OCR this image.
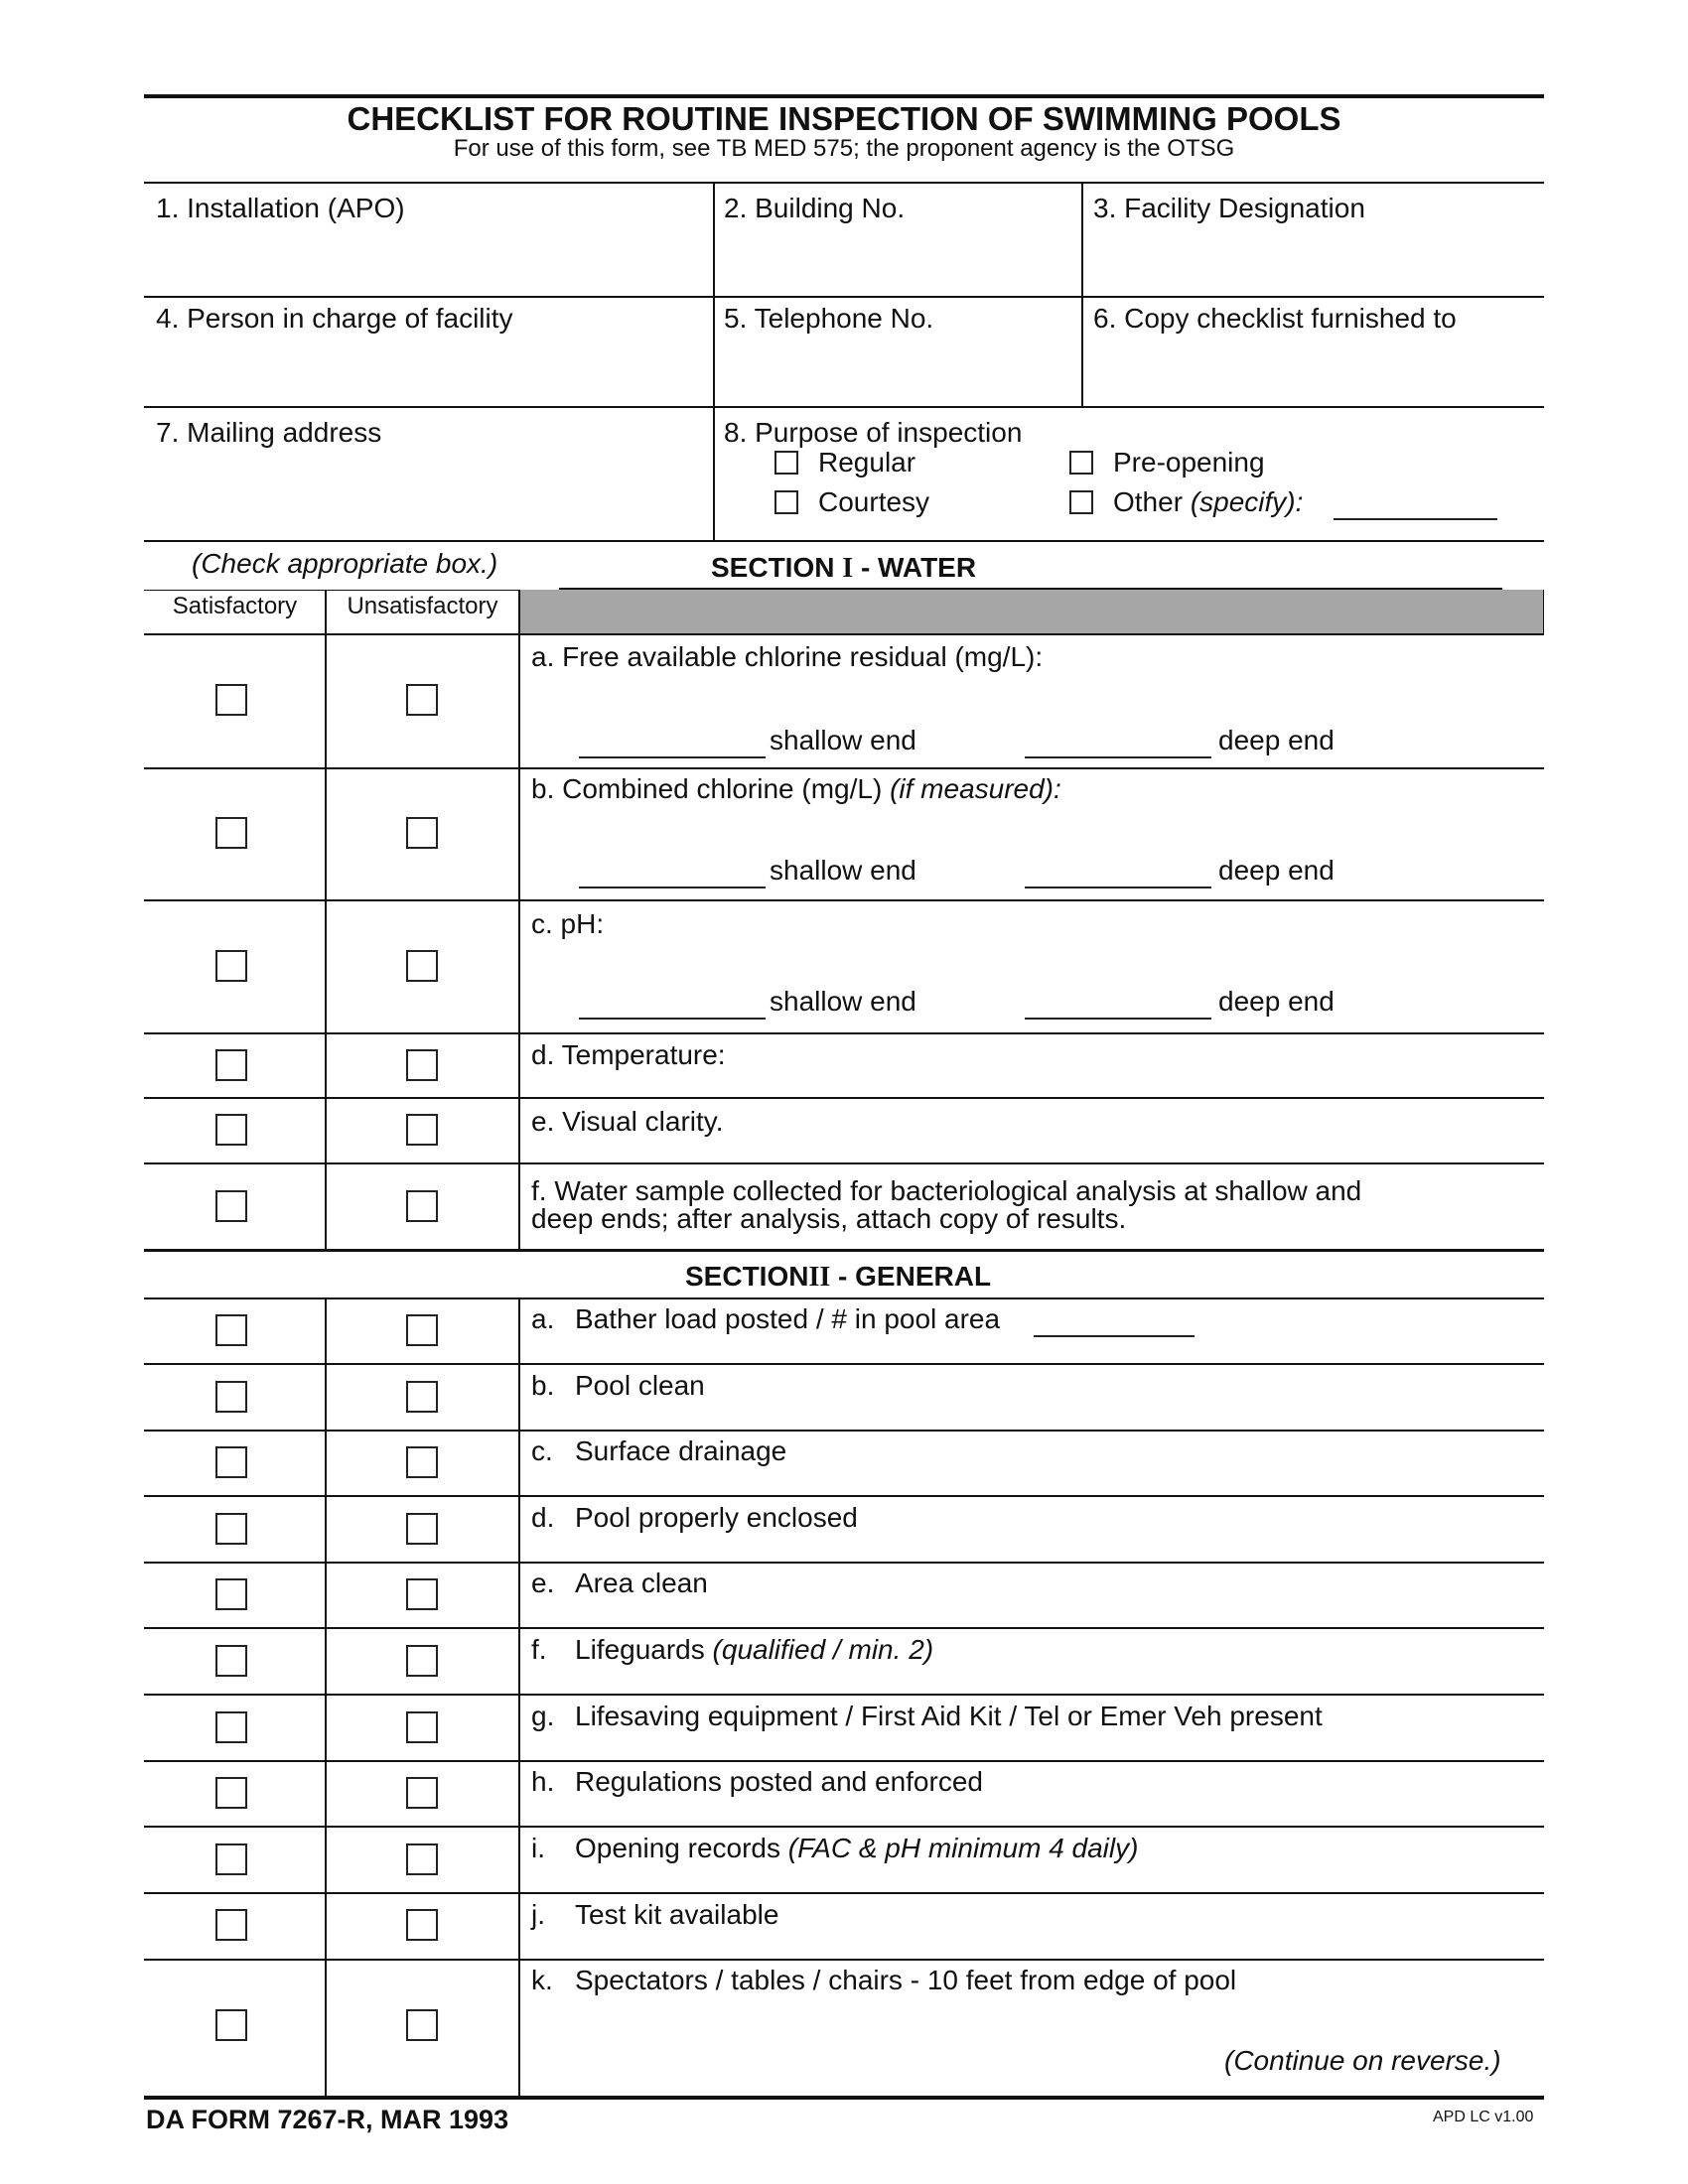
CHECKLIST FOR ROUTINE INSPECTION OF SWIMMING POOLS
For use of this form, see TB MED 575; the proponent agency is the OTSG
1. Installation (APO)	2. Building No.	3. Facility Designation
4. Person in charge of facility	5. Telephone No.	6. Copy checklist furnished to
7. Mailing address	8. Purpose of inspection
Regular	Pre-opening
Courtesy	Other (specify):
(Check appropriate box.)	SECTION I - WATER
Satisfactory	Unsatisfactory
a. Free available chlorine residual (mg/L):
shallow end	deep end
b. Combined chlorine (mg/L) (if measured):
shallow end	deep end
c. pH:
shallow end	deep end
d. Temperature:
e. Visual clarity.
f. Water sample collected for bacteriological analysis at shallow and
deep ends; after analysis, attach copy of results.
SECTIONII - GENERAL
a. Bather load posted / # in pool area
b. Pool clean
c. Surface drainage
d. Pool properly enclosed
e. Area clean
f. Lifeguards (qualified / min. 2)
g. Lifesaving equipment / First Aid Kit / Tel or Emer Veh present
h. Regulations posted and enforced
i. Opening records (FAC & pH minimum 4 daily)
j. Test kit available
k. Spectators / tables / chairs - 10 feet from edge of pool
(Continue on reverse.)
DA FORM 7267-R, MAR 1993	APD LC v1.00
